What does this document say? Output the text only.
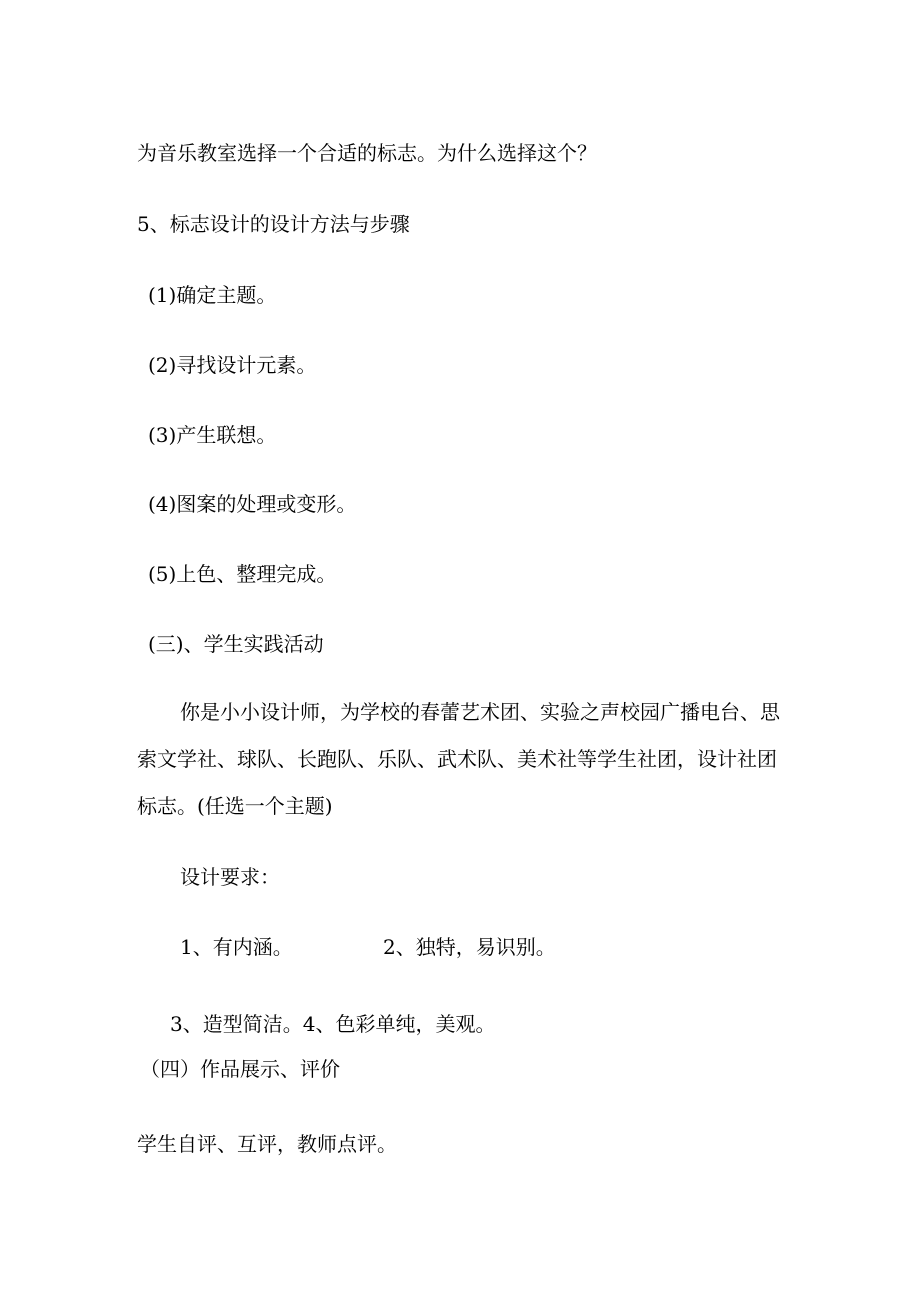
为音乐教室选择一个合适的标志。为什么选择这个？

5、标志设计的设计方法与步骤

(1)确定主题。

(2)寻找设计元素。

(3)产生联想。

(4)图案的处理或变形。

(5)上色、整理完成。

(三)、学生实践活动

你是小小设计师，为学校的春蕾艺术团、实验之声校园广播电台、思索文学社、球队、长跑队、乐队、武术队、美术社等学生社团，设计社团标志。(任选一个主题)

设计要求：

1、有内涵。	2、独特，易识别。

3、造型简洁。4、色彩单纯，美观。

（四）作品展示、评价

学生自评、互评，教师点评。
